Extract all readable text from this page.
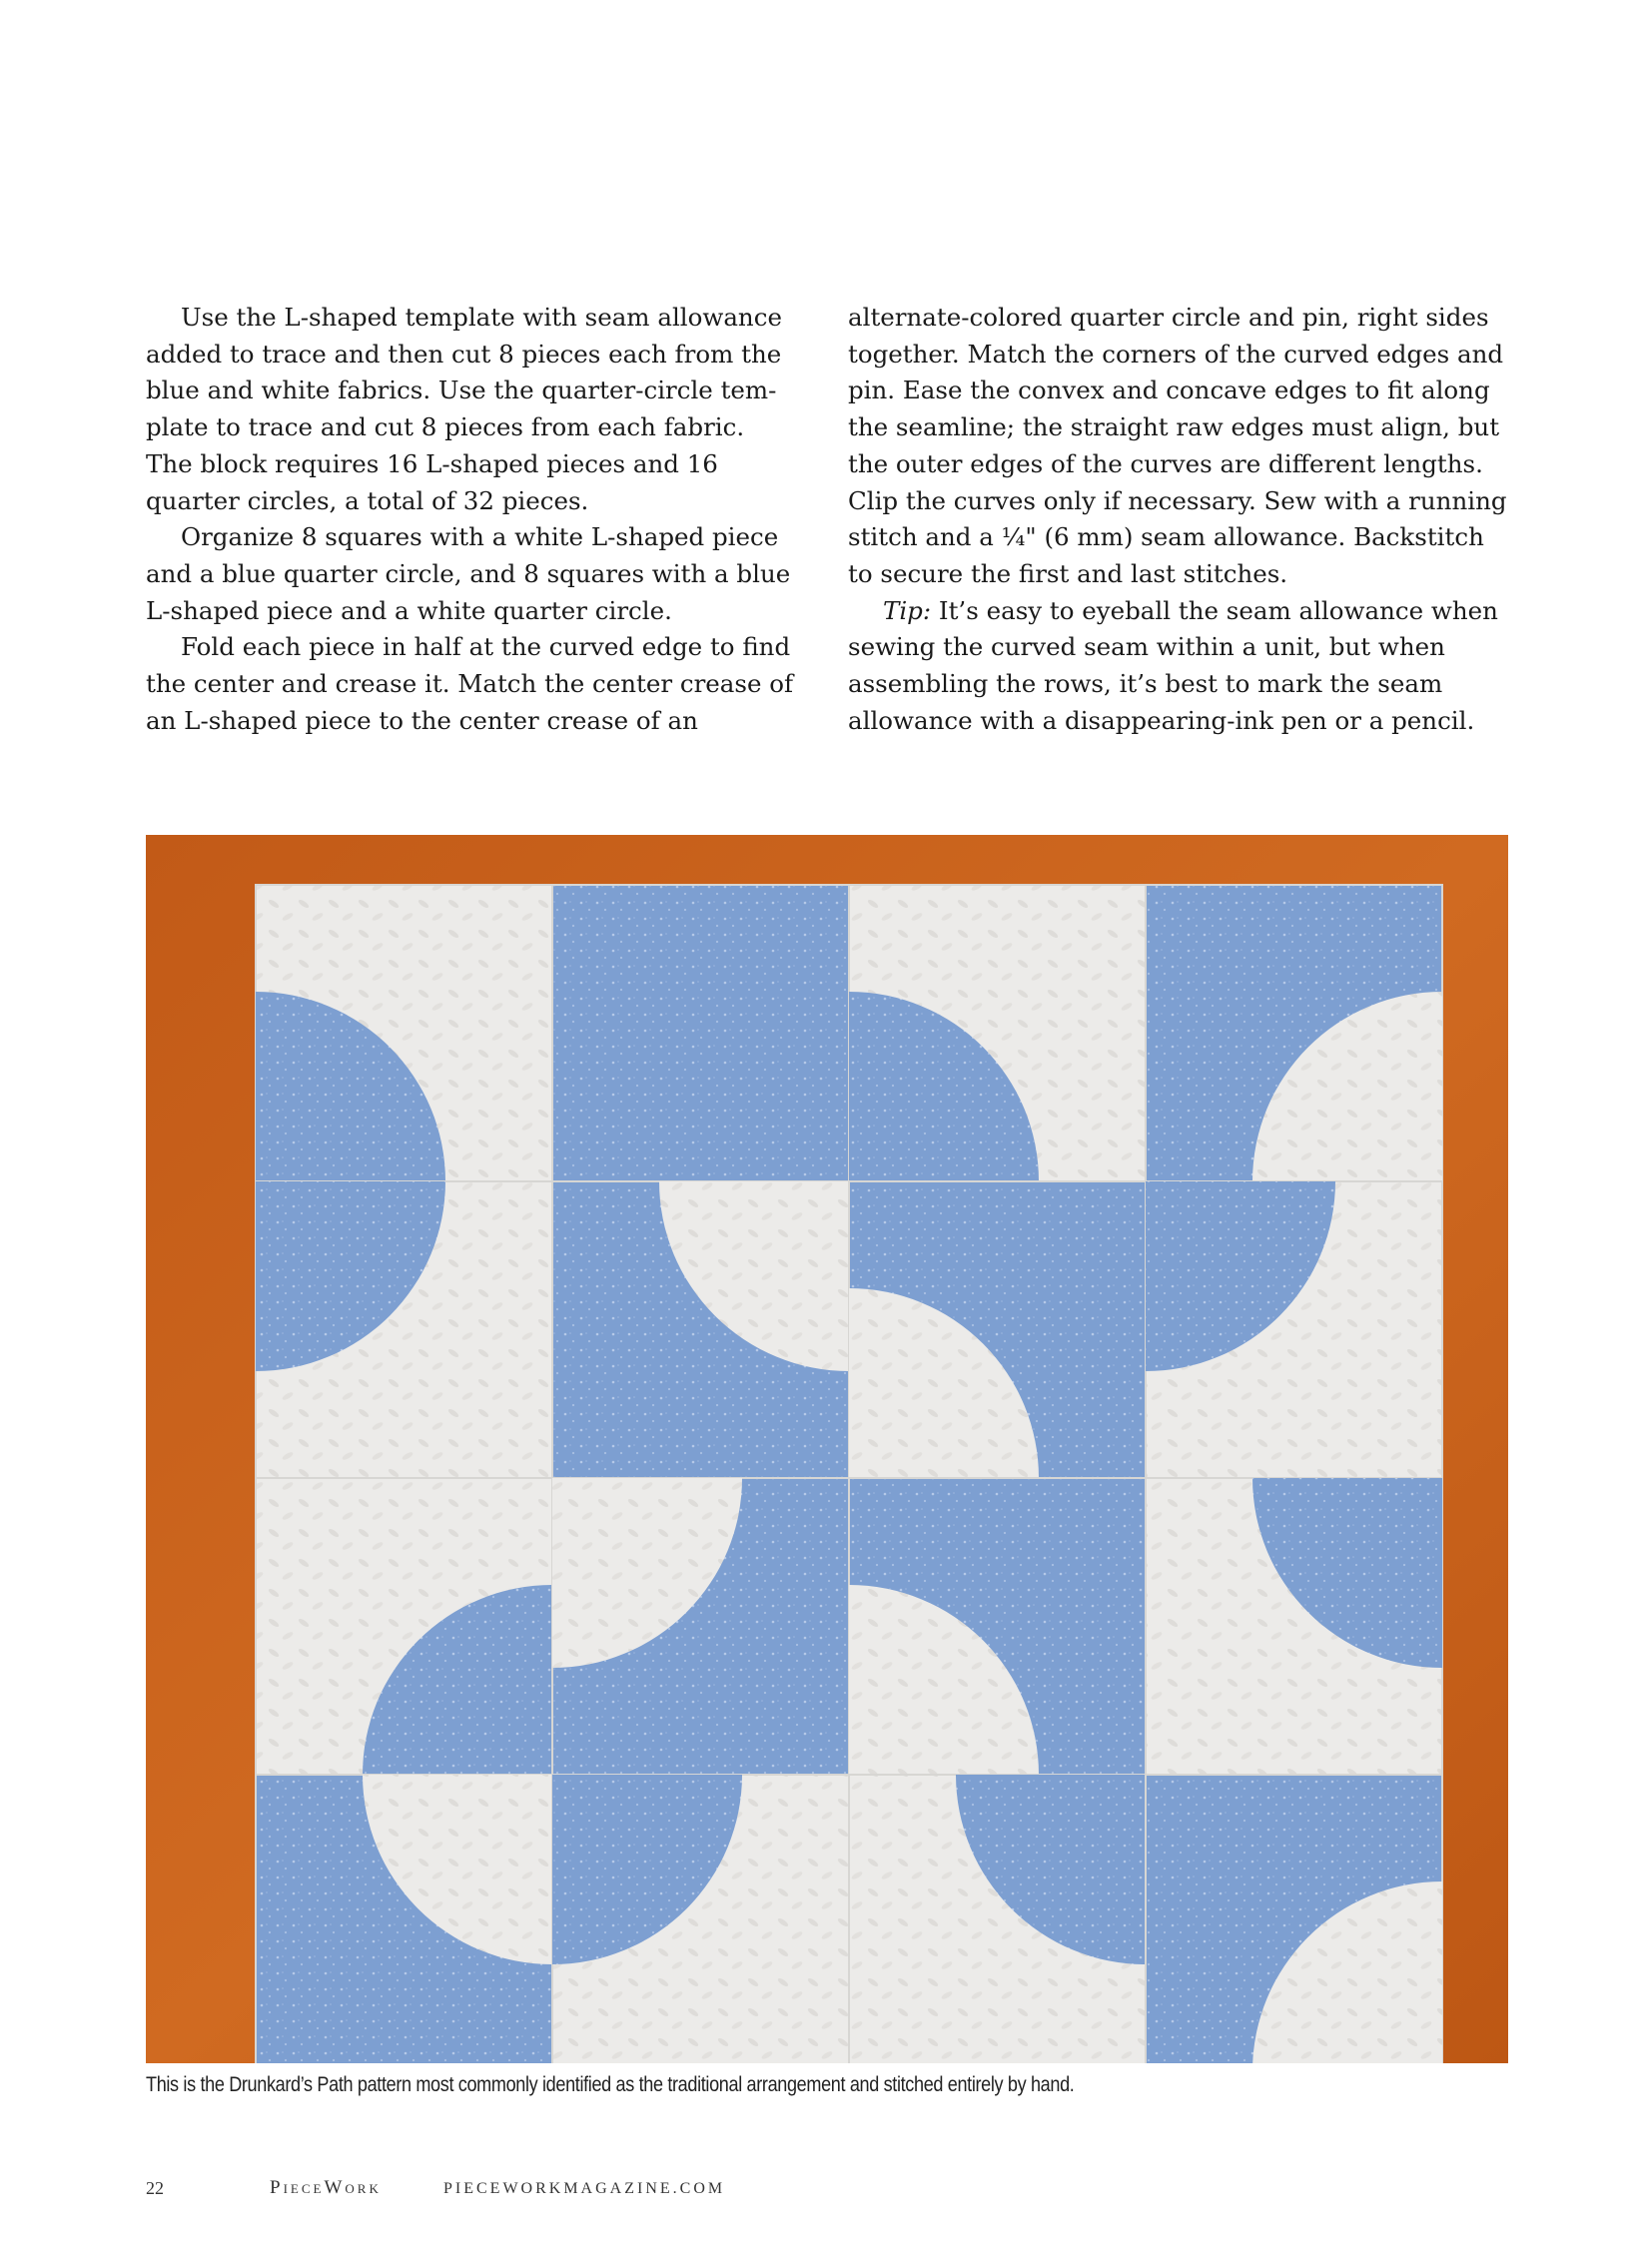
Use the L-shaped template with seam allowance added to trace and then cut 8 pieces each from the blue and white fabrics. Use the quarter-circle template to trace and cut 8 pieces from each fabric. The block requires 16 L-shaped pieces and 16 quarter circles, a total of 32 pieces.

Organize 8 squares with a white L-shaped piece and a blue quarter circle, and 8 squares with a blue L-shaped piece and a white quarter circle.

Fold each piece in half at the curved edge to find the center and crease it. Match the center crease of an L-shaped piece to the center crease of an

alternate-colored quarter circle and pin, right sides together. Match the corners of the curved edges and pin. Ease the convex and concave edges to fit along the seamline; the straight raw edges must align, but the outer edges of the curves are different lengths. Clip the curves only if necessary. Sew with a running stitch and a ¼" (6 mm) seam allowance. Backstitch to secure the first and last stitches.

Tip: It’s easy to eyeball the seam allowance when sewing the curved seam within a unit, but when assembling the rows, it’s best to mark the seam allowance with a disappearing-ink pen or a pencil.

This is the Drunkard’s Path pattern most commonly identified as the traditional arrangement and stitched entirely by hand.
22	PieceWork	PIECEWORKMAGAZINE.COM
